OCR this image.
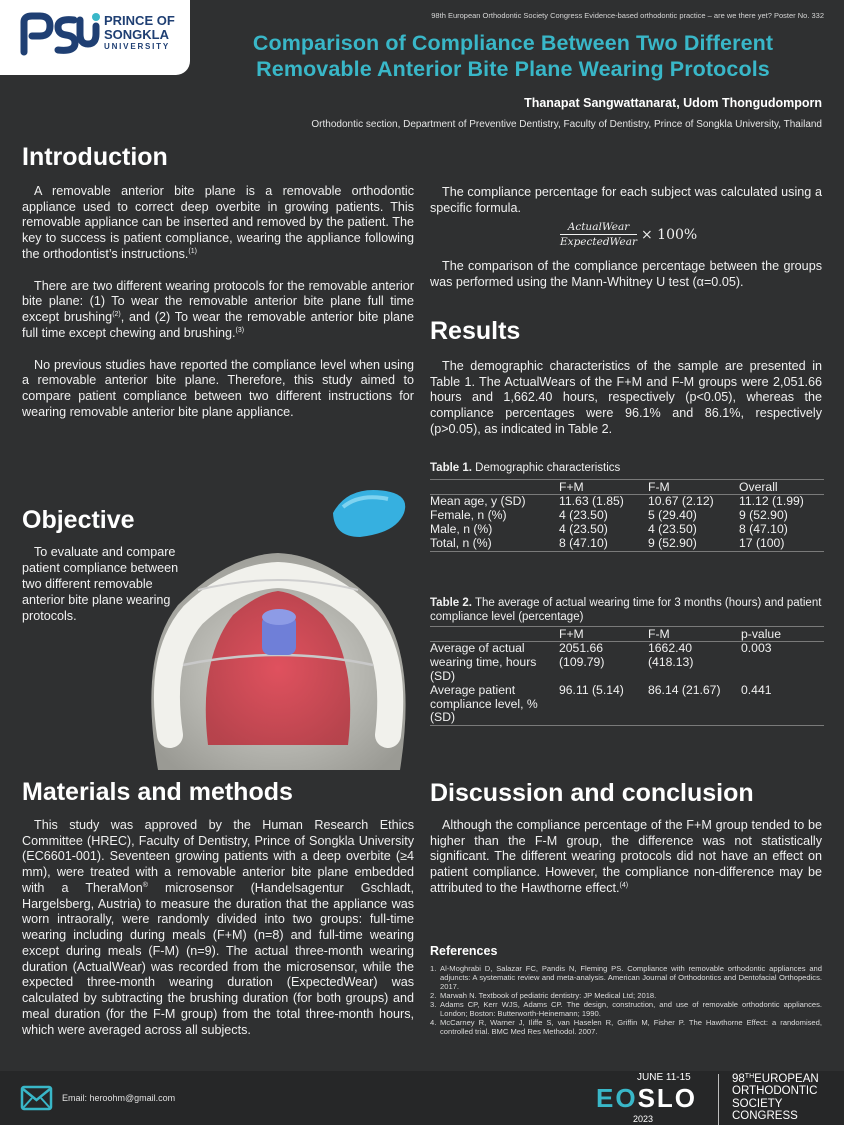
PRINCE OF
SONGKLA
UNIVERSITY
98th European Orthodontic Society Congress Evidence-based orthodontic practice – are we there yet? Poster No. 332
Comparison of Compliance Between Two Different Removable Anterior Bite Plane Wearing Protocols
Thanapat Sangwattanarat, Udom Thongudomporn
Orthodontic section, Department of Preventive Dentistry, Faculty of Dentistry, Prince of Songkla University, Thailand
Introduction

A removable anterior bite plane is a removable orthodontic appliance used to correct deep overbite in growing patients. This removable appliance can be inserted and removed by the patient. The key to success is patient compliance, wearing the appliance following the orthodontist’s instructions.$^{(1)}$

There are two different wearing protocols for the removable anterior bite plane: (1) To wear the removable anterior bite plane full time except brushing$^{(2)}$, and (2) To wear the removable anterior bite plane full time except chewing and brushing.$^{(3)}$

No previous studies have reported the compliance level when using a removable anterior bite plane. Therefore, this study aimed to compare patient compliance between two different instructions for wearing removable anterior bite plane appliance.

Objective
To evaluate and compare patient compliance between two different removable anterior bite plane wearing protocols.
Materials and methods

This study was approved by the Human Research Ethics Committee (HREC), Faculty of Dentistry, Prince of Songkla University (EC6601-001). Seventeen growing patients with a deep overbite (≥4 mm), were treated with a removable anterior bite plane embedded with a TheraMon® microsensor (Handelsagentur Gschladt, Hargelsberg, Austria) to measure the duration that the appliance was worn intraorally, were randomly divided into two groups: full-time wearing including during meals (F+M) (n=8) and full-time wearing except during meals (F-M) (n=9). The actual three-month wearing duration (ActualWear) was recorded from the microsensor, while the expected three-month wearing duration (ExpectedWear) was calculated by subtracting the brushing duration (for both groups) and meal duration (for the F-M group) from the total three-month hours, which were averaged across all subjects.

The compliance percentage for each subject was calculated using a specific formula.

$\frac{\text{ActualWear}}{\text{ExpectedWear}} \times 100\%$

The comparison of the compliance percentage between the groups was performed using the Mann-Whitney U test (α=0.05).

Results

The demographic characteristics of the sample are presented in Table 1. The ActualWears of the F+M and F-M groups were 2,051.66 hours and 1,662.40 hours, respectively (p<0.05), whereas the compliance percentages were 96.1% and 86.1%, respectively (p>0.05), as indicated in Table 2.

Table 1. Demographic characteristics
	F+M	F-M	Overall
Mean age, y (SD)	11.63 (1.85)	10.67 (2.12)	11.12 (1.99)
Female, n (%)	4 (23.50)	5 (29.40)	9 (52.90)
Male, n (%)	4 (23.50)	4 (23.50)	8 (47.10)
Total, n (%)	8 (47.10)	9 (52.90)	17 (100)
Table 2. The average of actual wearing time for 3 months (hours) and patient compliance level (percentage)
	F+M	F-M	p-value
Average of actual wearing time, hours (SD)	2051.66 (109.79)	1662.40 (418.13)	0.003
Average patient compliance level, % (SD)	96.11 (5.14)	86.14 (21.67)	0.441
Discussion and conclusion

Although the compliance percentage of the F+M group tended to be higher than the F-M group, the difference was not statistically significant. The different wearing protocols did not have an effect on patient compliance. However, the compliance non-difference may be attributed to the Hawthorne effect.$^{(4)}$

References
1. Al-Moghrabi D, Salazar FC, Pandis N, Fleming PS. Compliance with removable orthodontic appliances and adjuncts: A systematic review and meta-analysis. American Journal of Orthodontics and Dentofacial Orthopedics. 2017.
2. Marwah N. Textbook of pediatric dentistry: JP Medical Ltd; 2018.
3. Adams CP, Kerr WJS, Adams CP. The design, construction, and use of removable orthodontic appliances. London; Boston: Butterworth-Heinemann; 1990.
4. McCarney R, Warner J, Iliffe S, van Haselen R, Griffin M, Fisher P. The Hawthorne Effect: a randomised, controlled trial. BMC Med Res Methodol. 2007.
Email: heroohm@gmail.com
JUNE 11-15
EOSLO
2023
98THEUROPEAN
ORTHODONTIC
SOCIETY
CONGRESS
